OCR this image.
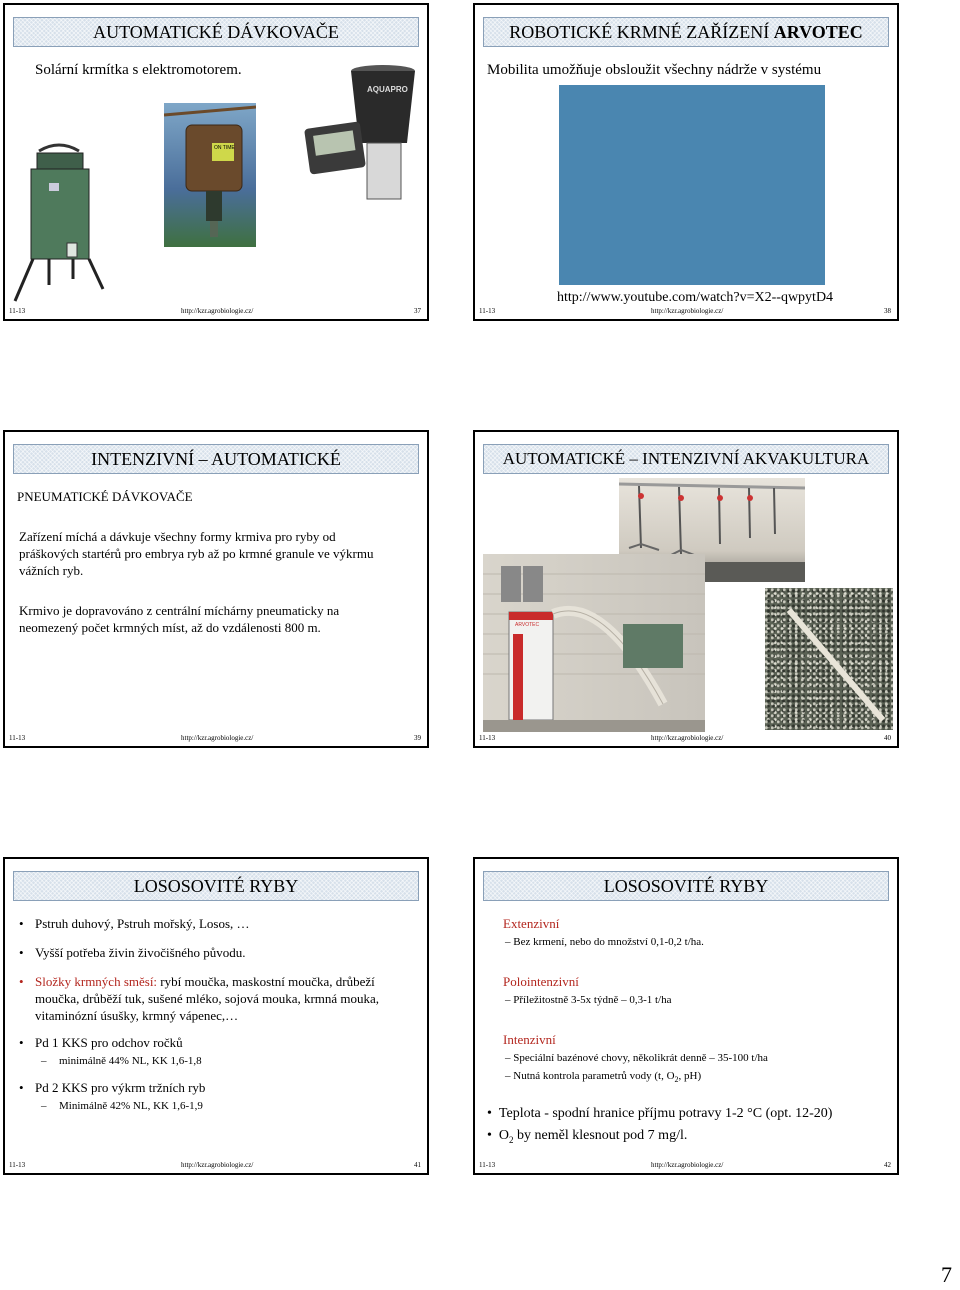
AUTOMATICKÉ DÁVKOVAČE
Solární krmítka s elektromotorem.
ON TIME
AQUAPRO
11-13	http://kzr.agrobiologie.cz/	37
ROBOTICKÉ KRMNÉ ZAŘÍZENÍ ARVOTEC
Mobilita umožňuje obsloužit všechny nádrže v systému
http://www.youtube.com/watch?v=X2--qwpytD4
11-13	http://kzr.agrobiologie.cz/	38
INTENZIVNÍ – AUTOMATICKÉ
PNEUMATICKÉ DÁVKOVAČE
Zařízení míchá a dávkuje všechny formy krmiva pro ryby od práškových startérů pro embrya ryb až po krmné granule ve výkrmu vážních ryb.
Krmivo je dopravováno z centrální míchárny pneumaticky na neomezený počet krmných míst, až do vzdálenosti 800 m.
11-13	http://kzr.agrobiologie.cz/	39
AUTOMATICKÉ – INTENZIVNÍ AKVAKULTURA
ARVOTEC
11-13	http://kzr.agrobiologie.cz/	40
LOSOSOVITÉ RYBY
• Pstruh duhový, Pstruh mořský, Losos, …
• Vyšší potřeba živin živočišného původu.
• Složky krmných směsí: rybí moučka, maskostní moučka, drůbeží moučka, drůběží tuk, sušené mléko, sojová mouka, krmná mouka, vitaminózní úsušky, krmný vápenec,…
• Pd 1 KKS pro odchov ročků
– minimálně 44% NL, KK 1,6-1,8
• Pd 2 KKS pro výkrm tržních ryb
– Minimálně 42% NL, KK 1,6-1,9
11-13	http://kzr.agrobiologie.cz/	41
LOSOSOVITÉ RYBY
Extenzivní
– Bez krmení, nebo do množství 0,1-0,2 t/ha.
Polointenzivní
– Příležitostně 3-5x týdně – 0,3-1 t/ha
Intenzivní
– Speciální bazénové chovy, několikrát denně – 35-100 t/ha
– Nutná kontrola parametrů vody (t, $O_2$, pH)
•  Teplota - spodní hranice příjmu potravy 1-2 °C (opt. 12-20)
•  $O_2$ by neměl klesnout pod 7 mg/l.
11-13	http://kzr.agrobiologie.cz/	42
7
